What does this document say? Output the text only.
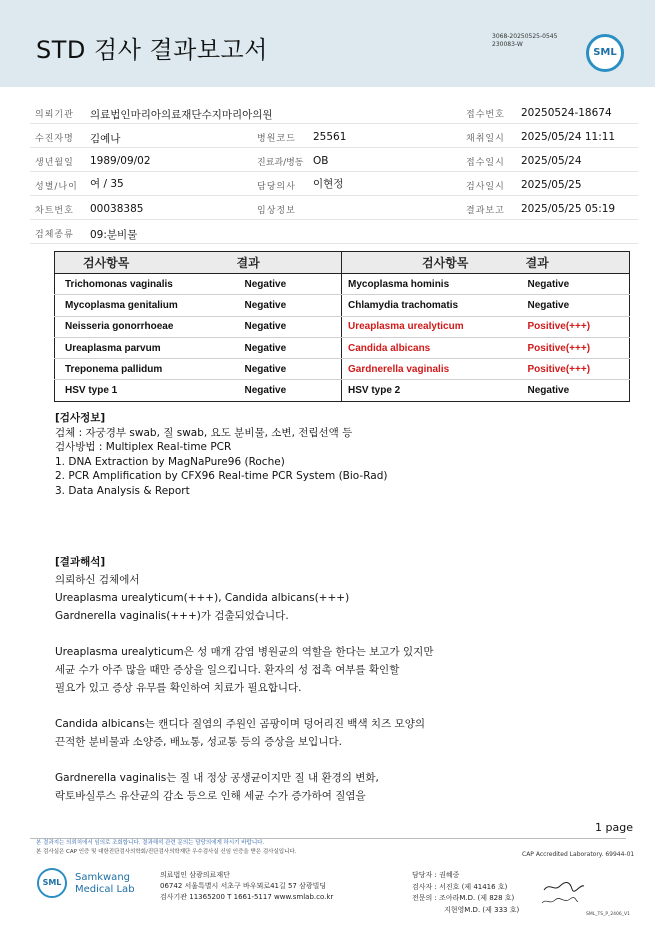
STD 검사 결과보고서	3068-20250525-0545
230083-W
SML
의뢰기관 의료법인마리아의료재단수지마리아의원	접수번호 20250524-18674
수진자명 김예나	병원코드 25561	채취일시 2025/05/24 11:11
생년월일 1989/09/02	진료과/병동 OB	접수일시 2025/05/24
성별/나이 여 / 35	담당의사 이현정	검사일시 2025/05/25
차트번호 00038385	임상정보	결과보고 2025/05/25 05:19
검체종류 09:분비물
검사항목	결과	검사항목	결과
Trichomonas vaginalis	Negative	Mycoplasma hominis	Negative
Mycoplasma genitalium	Negative	Chlamydia trachomatis	Negative
Neisseria gonorrhoeae	Negative	Ureaplasma urealyticum	Positive(+++)
Ureaplasma parvum	Negative	Candida albicans	Positive(+++)
Treponema pallidum	Negative	Gardnerella vaginalis	Positive(+++)
HSV type 1	Negative	HSV type 2	Negative
[검사정보]
검체 : 자궁경부 swab, 질 swab, 요도 분비물, 소변, 전립선액 등
검사방법 : Multiplex Real-time PCR
1. DNA Extraction by MagNaPure96 (Roche)
2. PCR Amplification by CFX96 Real-time PCR System (Bio-Rad)
3. Data Analysis & Report
[결과해석]

의뢰하신 검체에서

Ureaplasma urealyticum(+++), Candida albicans(+++)

Gardnerella vaginalis(+++)가 검출되었습니다.

Ureaplasma urealyticum은 성 매개 감염 병원균의 역할을 한다는 보고가 있지만

세균 수가 아주 많을 때만 증상을 일으킵니다. 환자의 성 접촉 여부를 확인할

필요가 있고 증상 유무를 확인하여 치료가 필요합니다.

Candida albicans는 캔디다 질염의 주원인 곰팡이며 덩어리진 백색 치즈 모양의

끈적한 분비물과 소양증, 배뇨통, 성교통 등의 증상을 보입니다.

Gardnerella vaginalis는 질 내 정상 공생균이지만 질 내 환경의 변화,

락토바실루스 유산균의 감소 등으로 인해 세균 수가 증가하여 질염을

1 page
본 결과지는 의뢰처에서 임의로 조회합니다. 결과해석 관련 문의는 담당의에게 하시기 바랍니다.
본 검사실은 CAP 인증 및 대한진단검사의학회/진단검사의학재단 우수검사실 신임 인증을 받은 검사실입니다.	CAP Accredited Laboratory. 69944-01
SML	Samkwang
Medical Lab
의료법인 삼광의료재단
06742 서울특별시 서초구 바우뫼로41길 57 삼광빌딩
검사기관 11365200 T 1661-5117 www.smlab.co.kr
담당자 : 권혜중
검사자 : 서진호 (제 41416 호)
전문의 : 조아라M.D. (제 828 호)
지현영M.D. (제 333 호)
SML_TS_P_2406_V1
